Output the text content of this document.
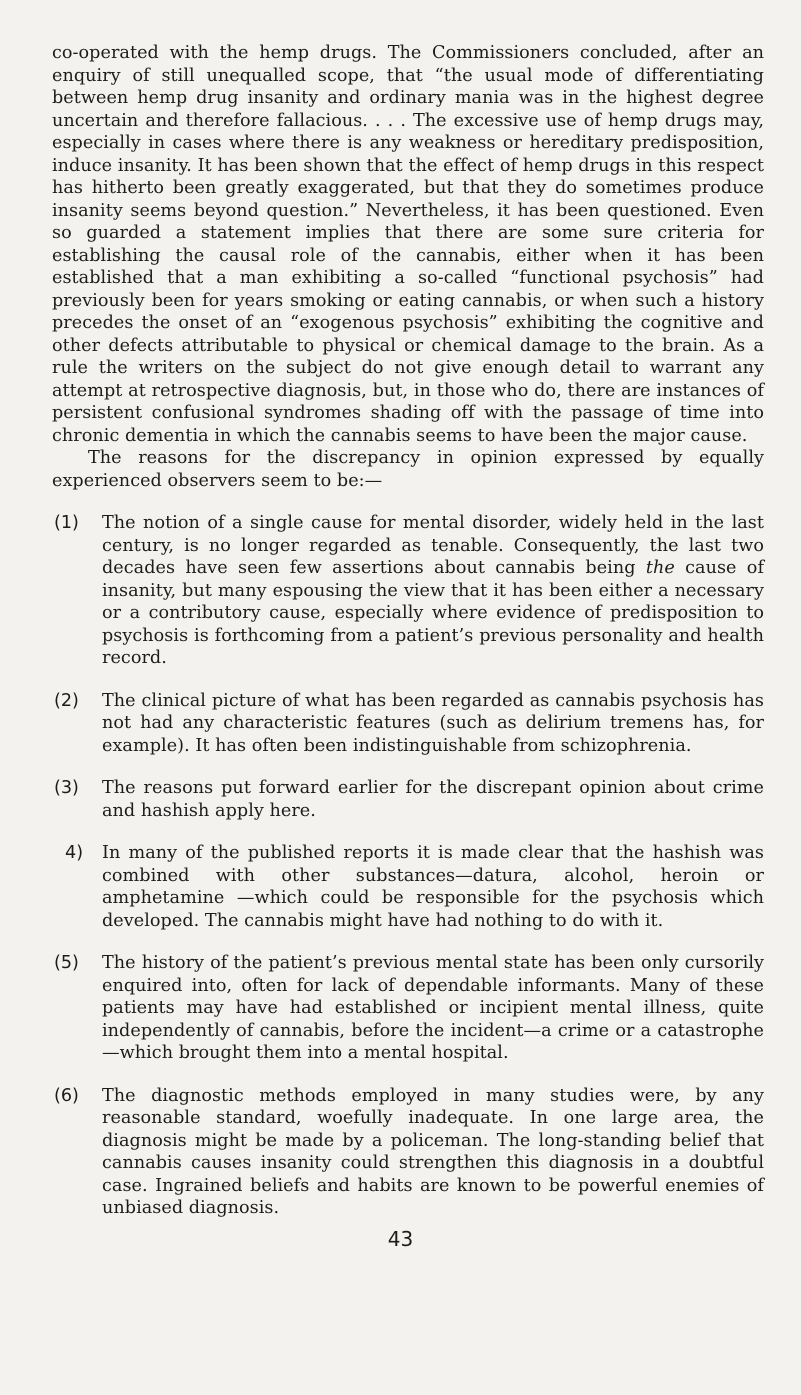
co-operated with the hemp drugs. The Commissioners concluded, after an enquiry of still unequalled scope, that “the usual mode of differentiating between hemp drug insanity and ordinary mania was in the highest degree uncertain and therefore fallacious. . . . The excessive use of hemp drugs may, especially in cases where there is any weakness or hereditary predisposition, induce insanity. It has been shown that the effect of hemp drugs in this respect has hitherto been greatly exaggerated, but that they do sometimes produce insanity seems beyond question.” Nevertheless, it has been questioned. Even so guarded a statement implies that there are some sure criteria for establishing the causal role of the cannabis, either when it has been established that a man exhibiting a so-called “functional psychosis” had previously been for years smoking or eating cannabis, or when such a history precedes the onset of an “exogenous psychosis” exhibiting the cognitive and other defects attributable to physical or chemical damage to the brain. As a rule the writers on the subject do not give enough detail to warrant any attempt at retrospective diagnosis, but, in those who do, there are instances of persistent confusional syndromes shading off with the passage of time into chronic dementia in which the cannabis seems to have been the major cause.

The reasons for the discrepancy in opinion expressed by equally experienced observers seem to be:—

(1)	The notion of a single cause for mental disorder, widely held in the last century, is no longer regarded as tenable. Consequently, the last two decades have seen few assertions about cannabis being the cause of insanity, but many espousing the view that it has been either a necessary or a contributory cause, especially where evidence of predisposition to psychosis is forthcoming from a patient’s previous personality and health record.
(2)	The clinical picture of what has been regarded as cannabis psychosis has not had any characteristic features (such as delirium tremens has, for example). It has often been indistinguishable from schizophrenia.
(3)	The reasons put forward earlier for the discrepant opinion about crime and hashish apply here.
4)	In many of the published reports it is made clear that the hashish was combined with other substances—datura, alcohol, heroin or amphetamine —which could be responsible for the psychosis which developed. The cannabis might have had nothing to do with it.
(5)	The history of the patient’s previous mental state has been only cursorily enquired into, often for lack of dependable informants. Many of these patients may have had established or incipient mental illness, quite independently of cannabis, before the incident—a crime or a catastrophe—which brought them into a mental hospital.
(6)	The diagnostic methods employed in many studies were, by any reasonable standard, woefully inadequate. In one large area, the diagnosis might be made by a policeman. The long-standing belief that cannabis causes insanity could strengthen this diagnosis in a doubtful case. Ingrained beliefs and habits are known to be powerful enemies of unbiased diagnosis.
43
